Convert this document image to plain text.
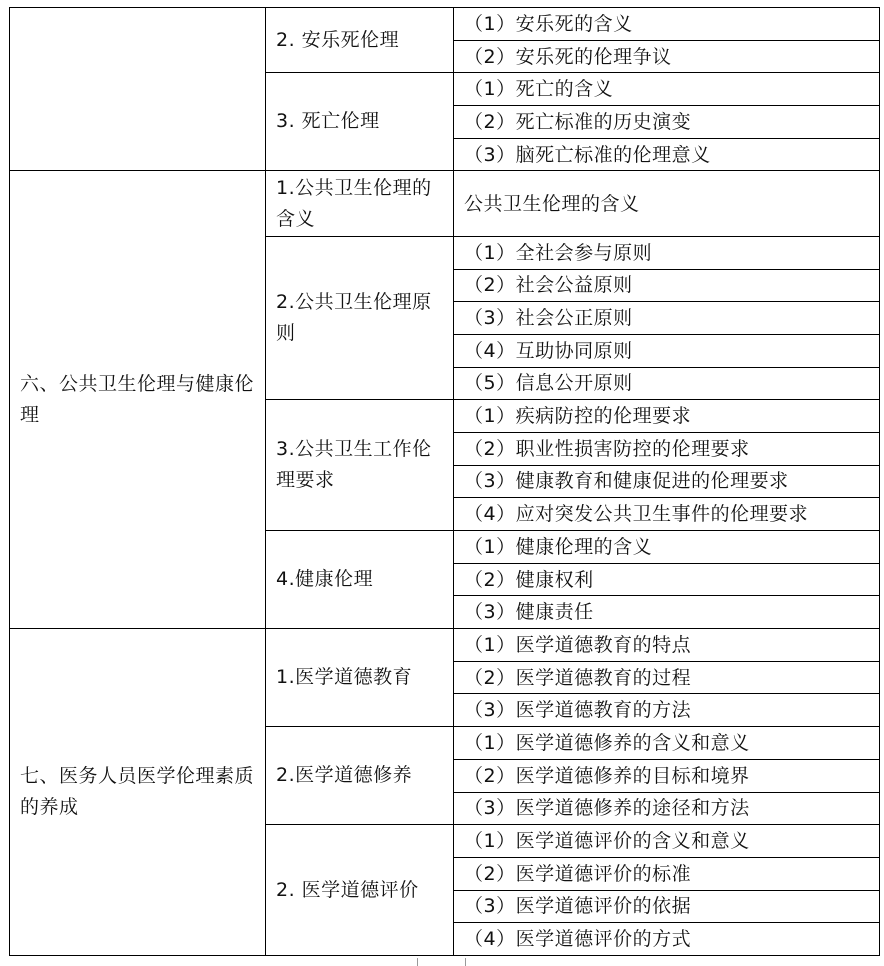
	2. 安乐死伦理	（1）安乐死的含义
		（2）安乐死的伦理争议
	3. 死亡伦理	（1）死亡的含义
		（2）死亡标准的历史演变
		（3）脑死亡标准的伦理意义
六、公共卫生伦理与健康伦理	1.公共卫生伦理的含义	公共卫生伦理的含义
	2.公共卫生伦理原则	（1）全社会参与原则
		（2）社会公益原则
		（3）社会公正原则
		（4）互助协同原则
		（5）信息公开原则
	3.公共卫生工作伦理要求	（1）疾病防控的伦理要求
		（2）职业性损害防控的伦理要求
		（3）健康教育和健康促进的伦理要求
		（4）应对突发公共卫生事件的伦理要求
	4.健康伦理	（1）健康伦理的含义
		（2）健康权利
		（3）健康责任
七、医务人员医学伦理素质的养成	1.医学道德教育	（1）医学道德教育的特点
		（2）医学道德教育的过程
		（3）医学道德教育的方法
	2.医学道德修养	（1）医学道德修养的含义和意义
		（2）医学道德修养的目标和境界
		（3）医学道德修养的途径和方法
	2. 医学道德评价	（1）医学道德评价的含义和意义
		（2）医学道德评价的标准
		（3）医学道德评价的依据
		（4）医学道德评价的方式
